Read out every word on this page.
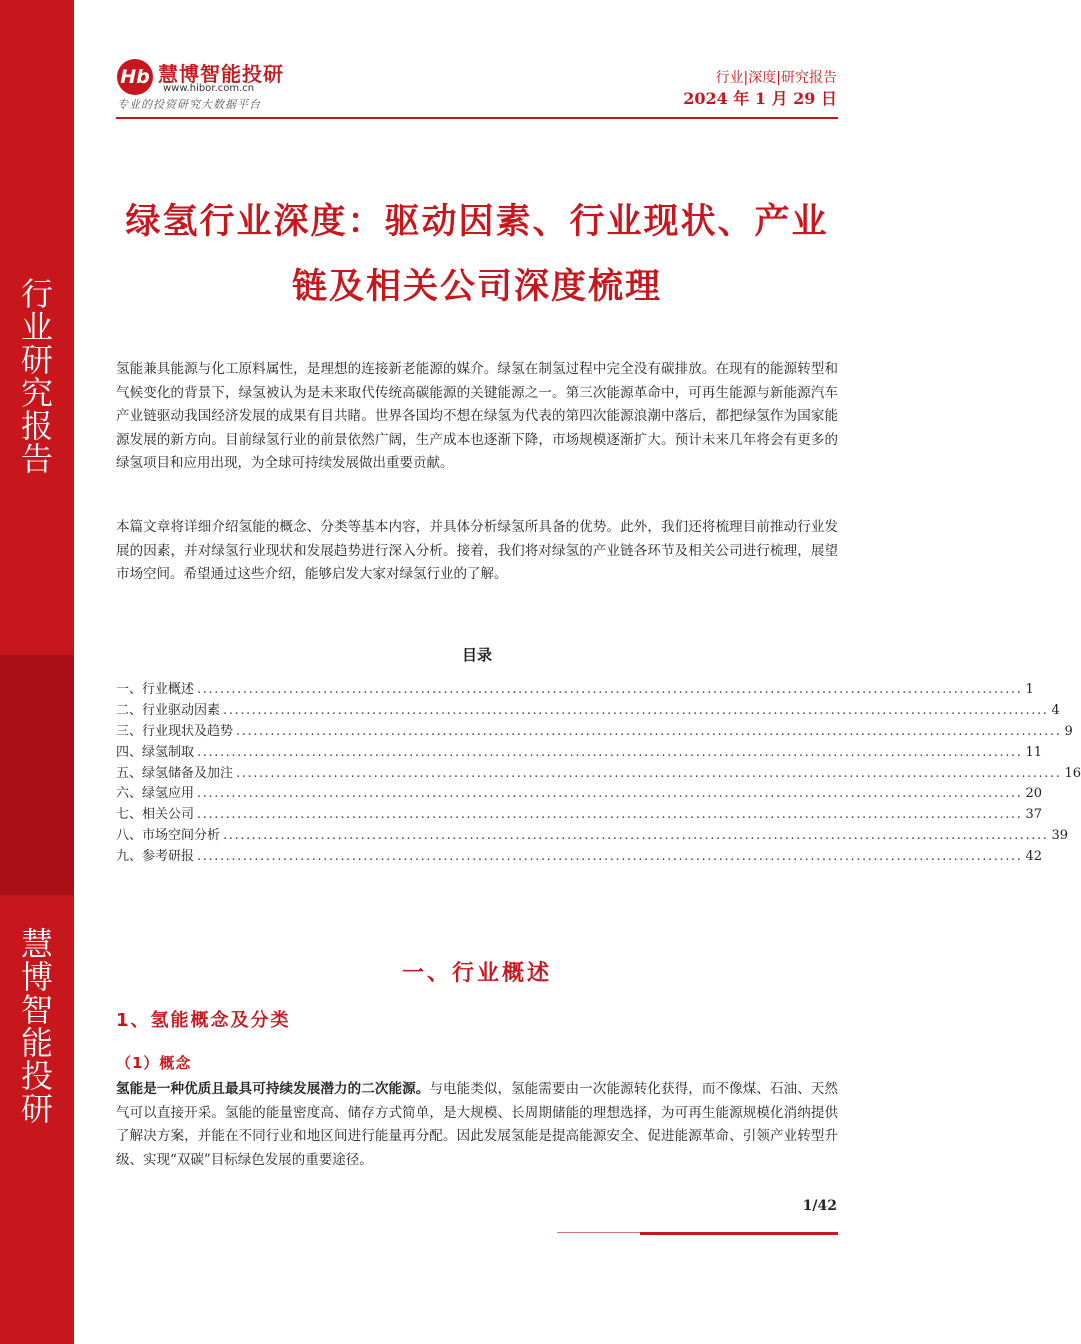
行业研究报告
慧博智能投研
Hb 慧博智能投研
www.hibor.com.cn
专业的投资研究大数据平台
行业|深度|研究报告
2024 年 1 月 29 日
绿氢行业深度：驱动因素、行业现状、产业
链及相关公司深度梳理
氢能兼具能源与化工原料属性，是理想的连接新老能源的媒介。绿氢在制氢过程中完全没有碳排放。在现有的能源转型和气候变化的背景下，绿氢被认为是未来取代传统高碳能源的关键能源之一。第三次能源革命中，可再生能源与新能源汽车产业链驱动我国经济发展的成果有目共睹。世界各国均不想在绿氢为代表的第四次能源浪潮中落后，都把绿氢作为国家能源发展的新方向。目前绿氢行业的前景依然广阔，生产成本也逐渐下降，市场规模逐渐扩大。预计未来几年将会有更多的绿氢项目和应用出现，为全球可持续发展做出重要贡献。
本篇文章将详细介绍氢能的概念、分类等基本内容，并具体分析绿氢所具备的优势。此外，我们还将梳理目前推动行业发展的因素，并对绿氢行业现状和发展趋势进行深入分析。接着，我们将对绿氢的产业链各环节及相关公司进行梳理，展望市场空间。希望通过这些介绍，能够启发大家对绿氢行业的了解。
目录
一、行业概述 ................................................................................................................................................ 1
二、行业驱动因素 ................................................................................................................................................ 4
三、行业现状及趋势 ................................................................................................................................................ 9
四、绿氢制取 ................................................................................................................................................ 11
五、绿氢储备及加注 ................................................................................................................................................ 16
六、绿氢应用 ................................................................................................................................................ 20
七、相关公司 ................................................................................................................................................ 37
八、市场空间分析 ................................................................................................................................................ 39
九、参考研报 ................................................................................................................................................ 42
一、行业概述
1、氢能概念及分类
（1）概念
氢能是一种优质且最具可持续发展潜力的二次能源。与电能类似，氢能需要由一次能源转化获得，而不像煤、石油、天然气可以直接开采。氢能的能量密度高、储存方式简单，是大规模、长周期储能的理想选择，为可再生能源规模化消纳提供了解决方案，并能在不同行业和地区间进行能量再分配。因此发展氢能是提高能源安全、促进能源革命、引领产业转型升级、实现“双碳”目标绿色发展的重要途径。
1/42
